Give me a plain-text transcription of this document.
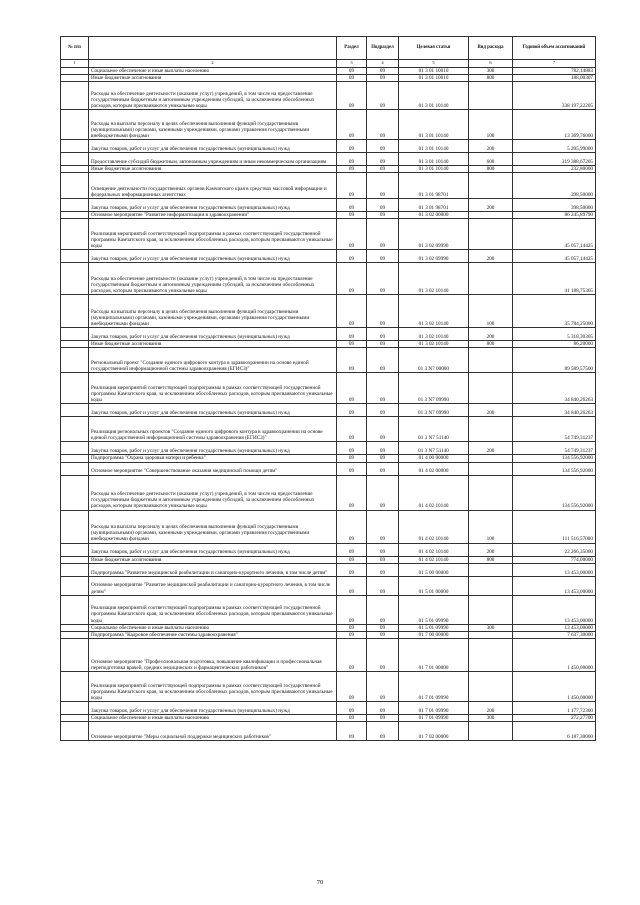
№ п/п		Раздел	Подраздел	Целевая статья	Вид расхода	Годовой объем ассигнований
1	2	3	4	5	6	7
	Социальное обеспечение и иные выплаты населению	09	09	01 3 01 10010	300	782,14883
	Иные бюджетные ассигнования	09	09	01 3 01 10010	800	188,00307
	Расходы на обеспечение деятельности (оказание услуг) учреждений, в том числе на предоставление государственным бюджетным и автономным учреждениям субсидий, за исключением обособленных расходов, которым присваиваются уникальные коды	09	09	01 3 01 10140		338 197,22205
	Расходы на выплаты персоналу в целях обеспечения выполнения функций государственными (муниципальными) органами, казенными учреждениями, органами управления государственными внебюджетными фондами	09	09	01 3 01 10140	100	13 369,76000
	Закупка товаров, работ и услуг для обеспечения государственных (муниципальных) нужд	09	09	01 3 01 10140	200	5 205,99000
	Предоставление субсидий бюджетным, автономным учреждениям и иным некоммерческим организациям	09	09	01 3 01 10140	600	319 388,67205
	Иные бюджетные ассигнования	09	09	01 3 01 10140	800	232,80000
	Освещение деятельности государственных органов Камчатского края в средствах массовой информации и федеральных информационных агентствах	09	09	01 3 01 98701		398,50000
	Закупка товаров, работ и услуг для обеспечения государственных (муниципальных) нужд	09	09	01 3 01 98701	200	398,50000
	Основное мероприятие "Развитие информатизации в здравоохранении"	09	09	01 3 02 00000		86 245,89790
	Реализация мероприятий соответствующей подпрограммы в рамках соответствующей государственной программы Камчатского края, за исключением обособленных расходов, которым присваиваются уникальные коды	09	09	01 3 02 09990		45 057,14425
	Закупка товаров, работ и услуг для обеспечения государственных (муниципальных) нужд	09	09	01 3 02 09990	200	45 057,14425
	Расходы на обеспечение деятельности (оказание услуг) учреждений, в том числе на предоставление государственным бюджетным и автономным учреждениям субсидий, за исключением обособленных расходов, которым присваиваются уникальные коды	09	09	01 3 02 10140		41 188,75365
	Расходы на выплаты персоналу в целях обеспечения выполнения функций государственными (муниципальными) органами, казенными учреждениями, органами управления государственными внебюджетными фондами	09	09	01 3 02 10140	100	35 784,25000
	Закупка товаров, работ и услуг для обеспечения государственных (муниципальных) нужд	09	09	01 3 02 10140	200	5 318,30365
	Иные бюджетные ассигнования	09	09	01 3 02 10140	800	86,20000
	Региональный проект "Создание единого цифрового контура в здравоохранении на основе единой государственной информационной системы здравоохранения (ЕГИСЗ)"	09	09	01 3 N7 00000		89 589,57500
	Реализация мероприятий соответствующей подпрограммы в рамках соответствующей государственной программы Камчатского края, за исключением обособленных расходов, которым присваиваются уникальные коды	09	09	01 3 N7 09990		34 840,26263
	Закупка товаров, работ и услуг для обеспечения государственных (муниципальных) нужд	09	09	01 3 N7 09990	200	34 840,26263
	Реализация региональных проектов "Создание единого цифрового контура в здравоохранении на основе единой государственной информационной системы здравоохранения (ЕГИСЗ)"	09	09	01 3 N7 51140		54 749,31237
	Закупка товаров, работ и услуг для обеспечения государственных (муниципальных) нужд	09	09	01 3 N7 51140	200	54 749,31237
	Подпрограмма "Охрана здоровья матери и ребенка"	09	09	01 4 00 00000		134 556,92000
	Основное мероприятие "Совершенствование оказания медицинской помощи детям"	09	09	01 4 02 00000		134 556,92000
	Расходы на обеспечение деятельности (оказание услуг) учреждений, в том числе на предоставление государственным бюджетным и автономным учреждениям субсидий, за исключением обособленных расходов, которым присваиваются уникальные коды	09	09	01 4 02 10140		134 556,92000
	Расходы на выплаты персоналу в целях обеспечения выполнения функций государственными (муниципальными) органами, казенными учреждениями, органами управления государственными внебюджетными фондами	09	09	01 4 02 10140	100	111 516,57000
	Закупка товаров, работ и услуг для обеспечения государственных (муниципальных) нужд	09	09	01 4 02 10140	200	22 266,35000
	Иные бюджетные ассигнования	09	09	01 4 02 10140	800	774,00000
	Подпрограмма "Развитие медицинской реабилитации и санаторно-курортного лечения, в том числе детям"	09	09	01 5 00 00000		13 453,00000
	Основное мероприятие "Развитие медицинской реабилитации и санаторно-курортного лечения, в том числе детям"	09	09	01 5 01 00000		13 453,00000
	Реализация мероприятий соответствующей подпрограммы в рамках соответствующей государственной программы Камчатского края, за исключением обособленных расходов, которым присваиваются уникальные коды	09	09	01 5 01 09990		13 453,00000
	Социальное обеспечение и иные выплаты населению	09	09	01 5 01 09990	300	13 453,00000
	Подпрограмма "Кадровое обеспечение системы здравоохранения"	09	09	01 7 00 00000		7 637,30000
	Основное мероприятие "Профессиональная подготовка, повышение квалификации и профессиональная переподготовка врачей, средних медицинских и фармацевтических работников"	09	09	01 7 01 00000		1 450,00000
	Реализация мероприятий соответствующей подпрограммы в рамках соответствующей государственной программы Камчатского края, за исключением обособленных расходов, которым присваиваются уникальные коды	09	09	01 7 01 09990		1 450,00000
	Закупка товаров, работ и услуг для обеспечения государственных (муниципальных) нужд	09	09	01 7 01 09990	200	1 177,72300
	Социальное обеспечение и иные выплаты населению	09	09	01 7 01 09990	300	272,27700
	Основное мероприятие "Меры социальной поддержки медицинских работников"	09	09	01 7 02 00000		6 187,30000
70
